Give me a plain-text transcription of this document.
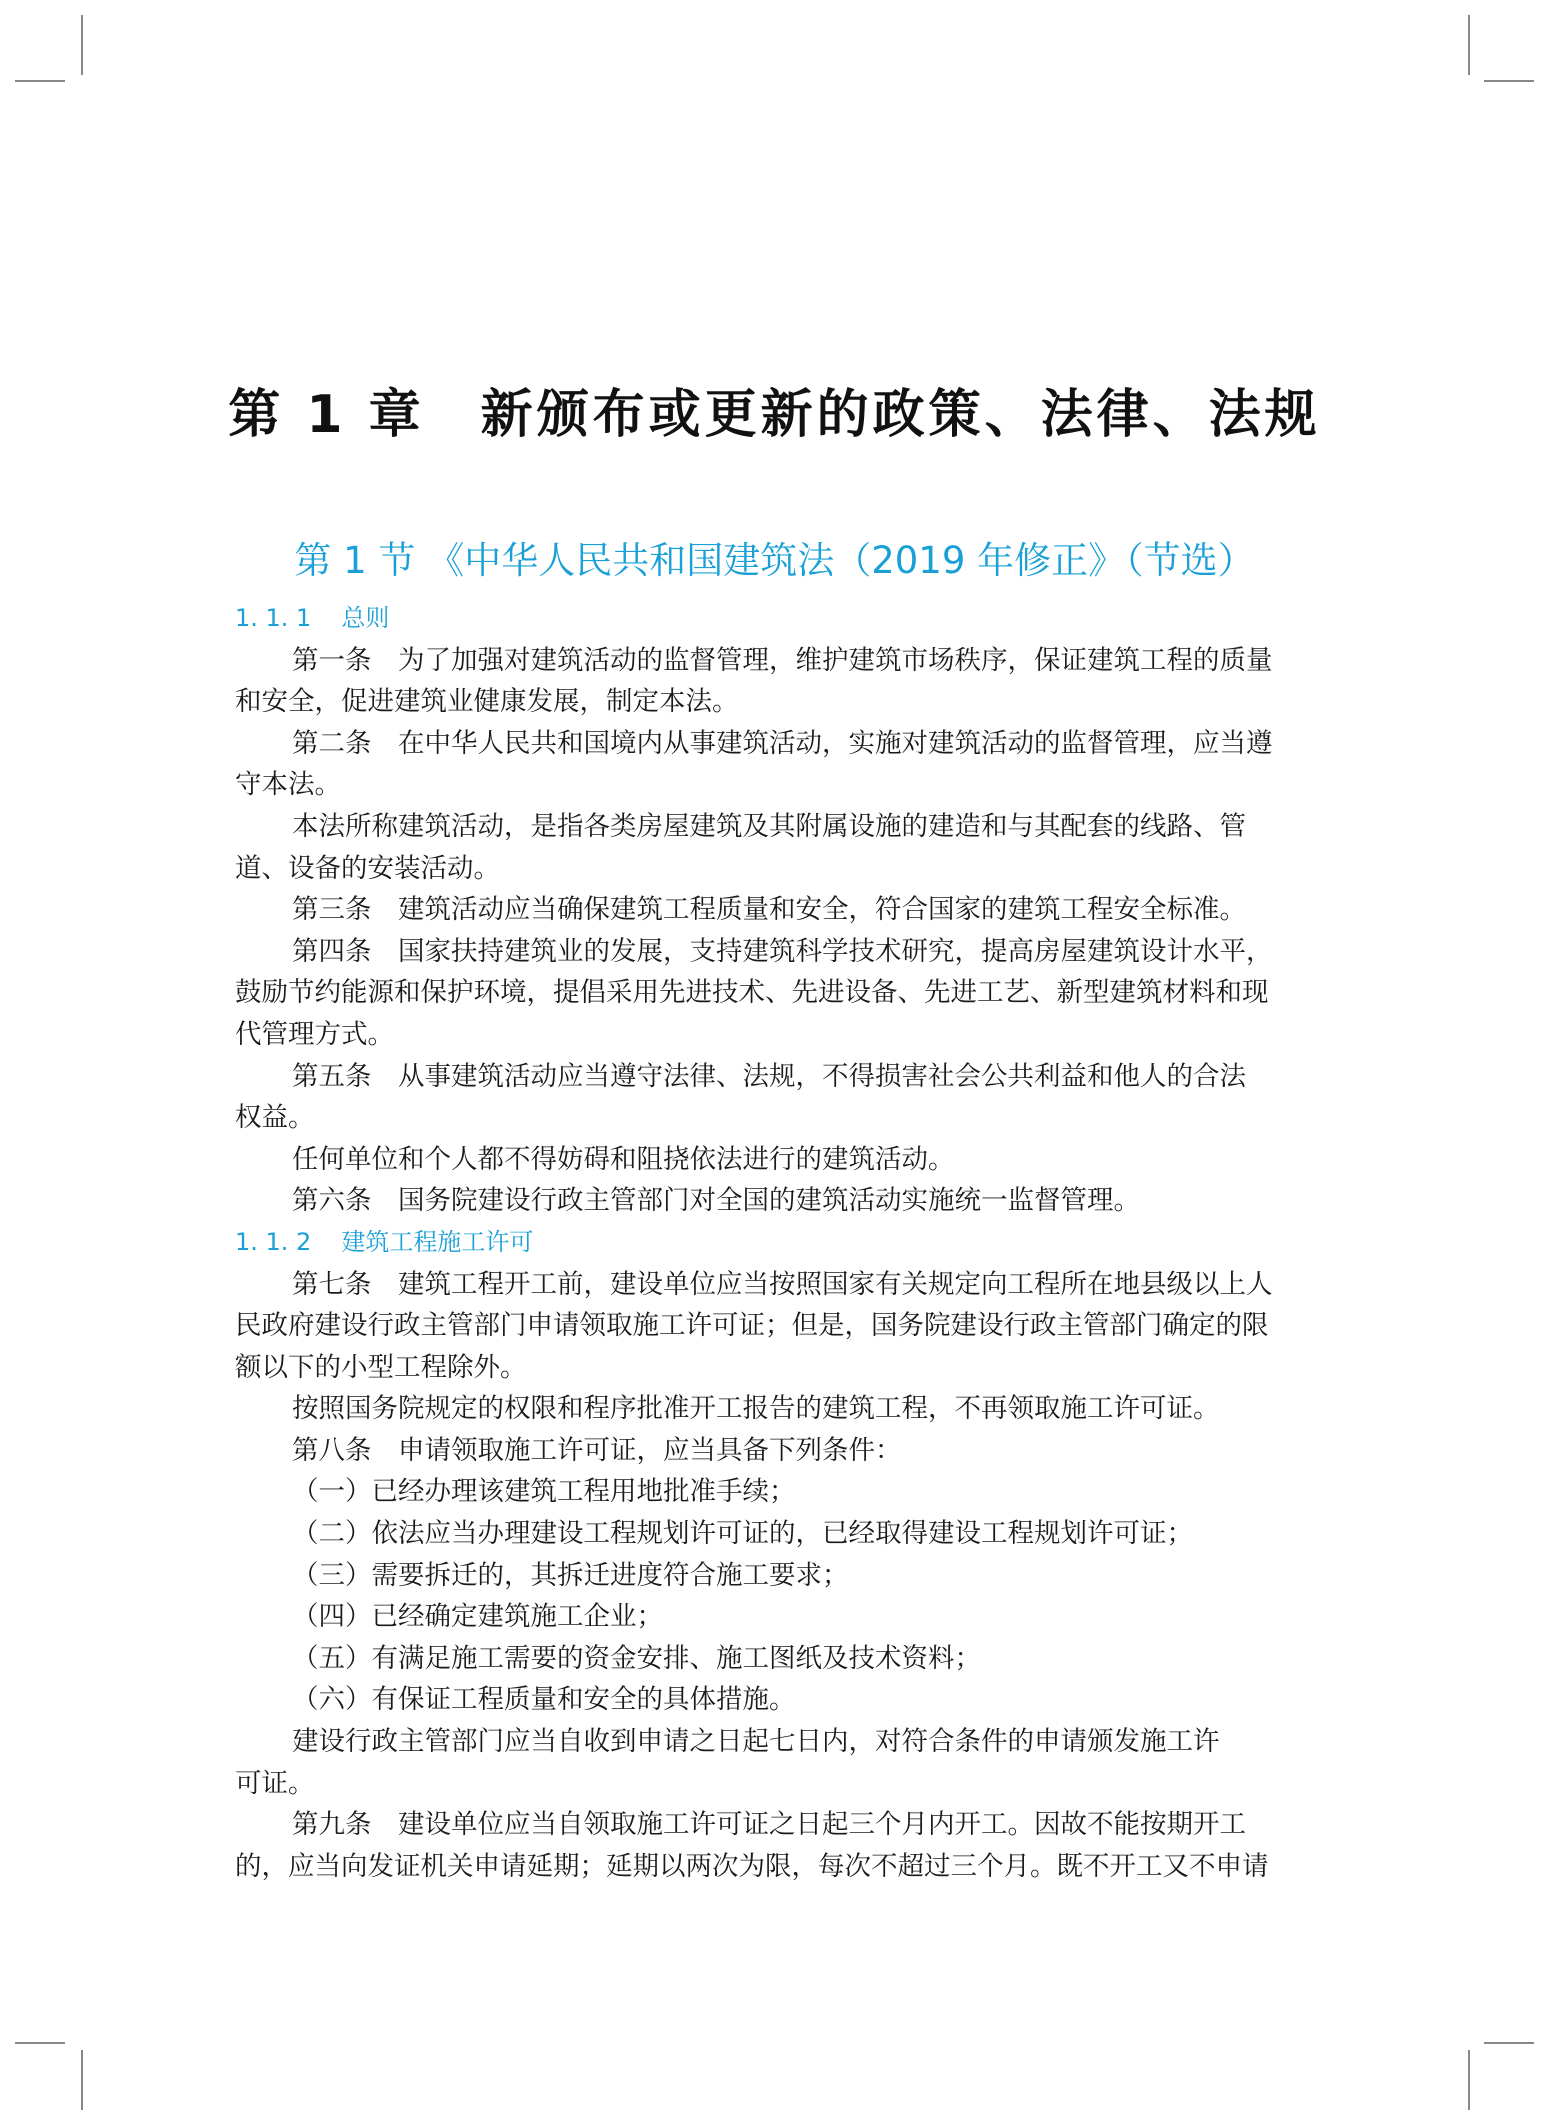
第 1 章　新颁布或更新的政策、法律、法规
第 1 节 《中华人民共和国建筑法（2019 年修正》（节选）

1. 1. 1 总则

第一条　为了加强对建筑活动的监督管理，维护建筑市场秩序，保证建筑工程的质量

和安全，促进建筑业健康发展，制定本法。

第二条　在中华人民共和国境内从事建筑活动，实施对建筑活动的监督管理，应当遵

守本法。

本法所称建筑活动，是指各类房屋建筑及其附属设施的建造和与其配套的线路、管

道、设备的安装活动。

第三条　建筑活动应当确保建筑工程质量和安全，符合国家的建筑工程安全标准。

第四条　国家扶持建筑业的发展，支持建筑科学技术研究，提高房屋建筑设计水平，

鼓励节约能源和保护环境，提倡采用先进技术、先进设备、先进工艺、新型建筑材料和现

代管理方式。

第五条　从事建筑活动应当遵守法律、法规，不得损害社会公共利益和他人的合法

权益。

任何单位和个人都不得妨碍和阻挠依法进行的建筑活动。

第六条　国务院建设行政主管部门对全国的建筑活动实施统一监督管理。

1. 1. 2 建筑工程施工许可

第七条　建筑工程开工前，建设单位应当按照国家有关规定向工程所在地县级以上人

民政府建设行政主管部门申请领取施工许可证；但是，国务院建设行政主管部门确定的限

额以下的小型工程除外。

按照国务院规定的权限和程序批准开工报告的建筑工程，不再领取施工许可证。

第八条　申请领取施工许可证，应当具备下列条件：

（一）已经办理该建筑工程用地批准手续；

（二）依法应当办理建设工程规划许可证的，已经取得建设工程规划许可证；

（三）需要拆迁的，其拆迁进度符合施工要求；

（四）已经确定建筑施工企业；

（五）有满足施工需要的资金安排、施工图纸及技术资料；

（六）有保证工程质量和安全的具体措施。

建设行政主管部门应当自收到申请之日起七日内，对符合条件的申请颁发施工许

可证。

第九条　建设单位应当自领取施工许可证之日起三个月内开工。因故不能按期开工

的，应当向发证机关申请延期；延期以两次为限，每次不超过三个月。既不开工又不申请
